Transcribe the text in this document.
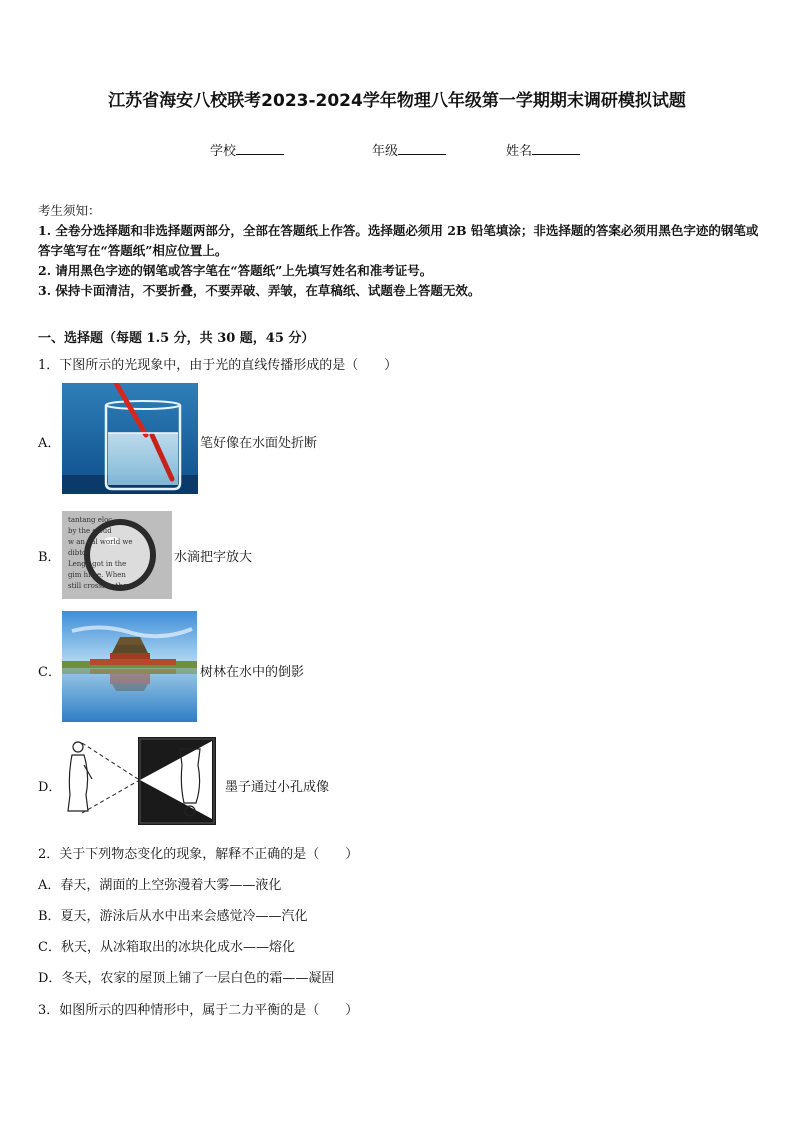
江苏省海安八校联考2023-2024学年物理八年级第一学期期末调研模拟试题
学校	年级	姓名
考生须知：
1. 全卷分选择题和非选择题两部分，全部在答题纸上作答。选择题必须用 2B 铅笔填涂；非选择题的答案必须用黑色字迹的钢笔或答字笔写在“答题纸”相应位置上。
2. 请用黑色字迹的钢笔或答字笔在“答题纸”上先填写姓名和准考证号。
3. 保持卡面清洁，不要折叠，不要弄破、弄皱，在草稿纸、试题卷上答题无效。
一、选择题（每题 1.5 分，共 30 题，45 分）
1．下图所示的光现象中，由于光的直线传播形成的是（　　）
A．	笔好像在水面处折断
B．
tantang eloc
by the cloud
w an eal world we
dibtor
Lenge got in the
gim hime. When
still crossing the
水滴把字放大
C．	树林在水中的倒影
D．	墨子通过小孔成像
2．关于下列物态变化的现象，解释不正确的是（　　）
A．春天，湖面的上空弥漫着大雾——液化
B．夏天，游泳后从水中出来会感觉冷——汽化
C．秋天，从冰箱取出的冰块化成水——熔化
D．冬天，农家的屋顶上铺了一层白色的霜——凝固
3．如图所示的四种情形中，属于二力平衡的是（　　）
